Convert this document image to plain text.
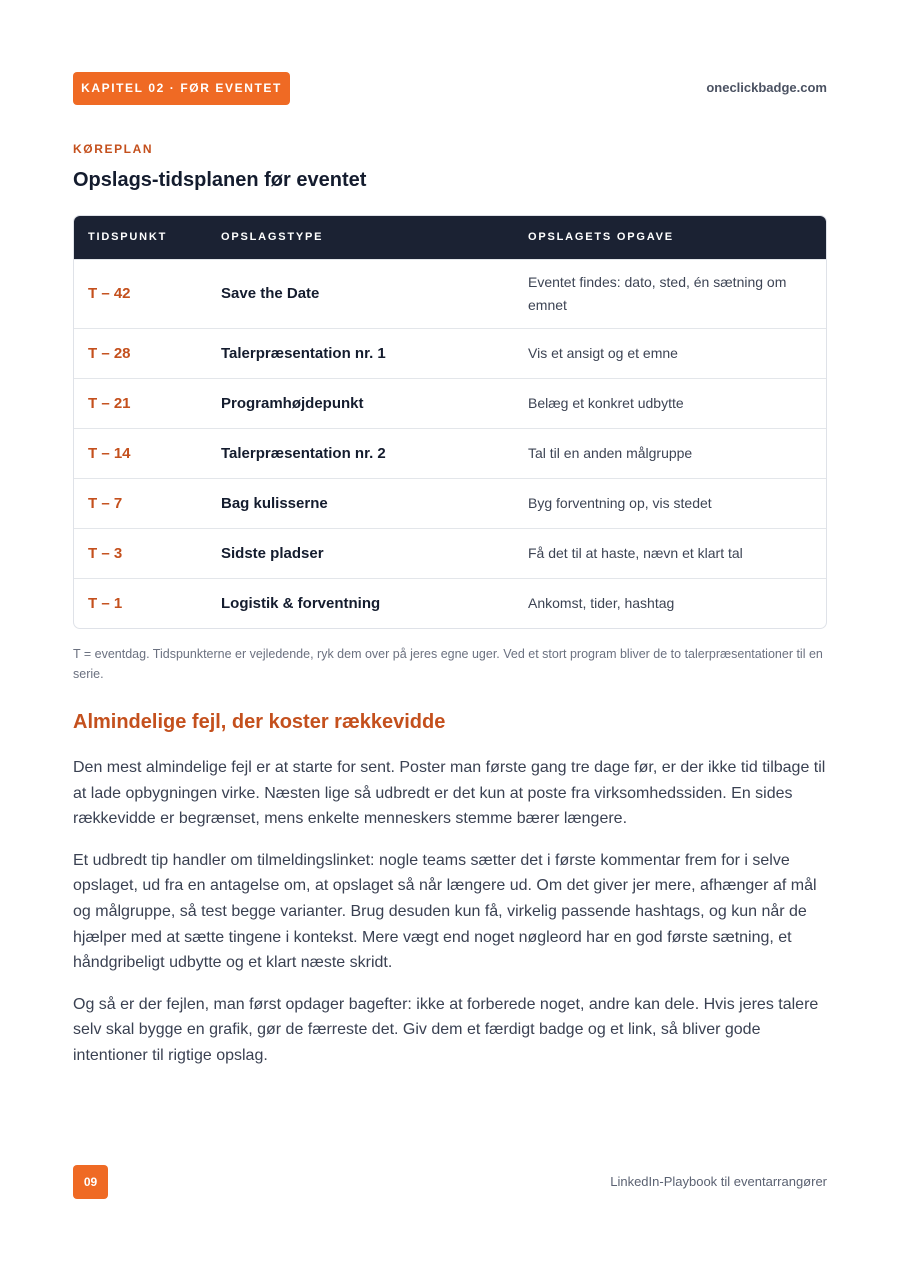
KAPITEL 02 · FØR EVENTET	oneclickbadge.com
KØREPLAN
Opslags-tidsplanen før eventet
TIDSPUNKT	OPSLAGSTYPE	OPSLAGETS OPGAVE
T – 42	Save the Date	Eventet findes: dato, sted, én sætning om emnet
T – 28	Talerpræsentation nr. 1	Vis et ansigt og et emne
T – 21	Programhøjdepunkt	Belæg et konkret udbytte
T – 14	Talerpræsentation nr. 2	Tal til en anden målgruppe
T – 7	Bag kulisserne	Byg forventning op, vis stedet
T – 3	Sidste pladser	Få det til at haste, nævn et klart tal
T – 1	Logistik & forventning	Ankomst, tider, hashtag
T = eventdag. Tidspunkterne er vejledende, ryk dem over på jeres egne uger. Ved et stort program bliver de to talerpræsentationer til en serie.
Almindelige fejl, der koster rækkevidde

Den mest almindelige fejl er at starte for sent. Poster man første gang tre dage før, er der ikke tid tilbage til at lade opbygningen virke. Næsten lige så udbredt er det kun at poste fra virksomhedssiden. En sides rækkevidde er begrænset, mens enkelte menneskers stemme bærer længere.

Et udbredt tip handler om tilmeldingslinket: nogle teams sætter det i første kommentar frem for i selve opslaget, ud fra en antagelse om, at opslaget så når længere ud. Om det giver jer mere, afhænger af mål og målgruppe, så test begge varianter. Brug desuden kun få, virkelig passende hashtags, og kun når de hjælper med at sætte tingene i kontekst. Mere vægt end noget nøgleord har en god første sætning, et håndgribeligt udbytte og et klart næste skridt.

Og så er der fejlen, man først opdager bagefter: ikke at forberede noget, andre kan dele. Hvis jeres talere selv skal bygge en grafik, gør de færreste det. Giv dem et færdigt badge og et link, så bliver gode intentioner til rigtige opslag.

09	LinkedIn-Playbook til eventarrangører
